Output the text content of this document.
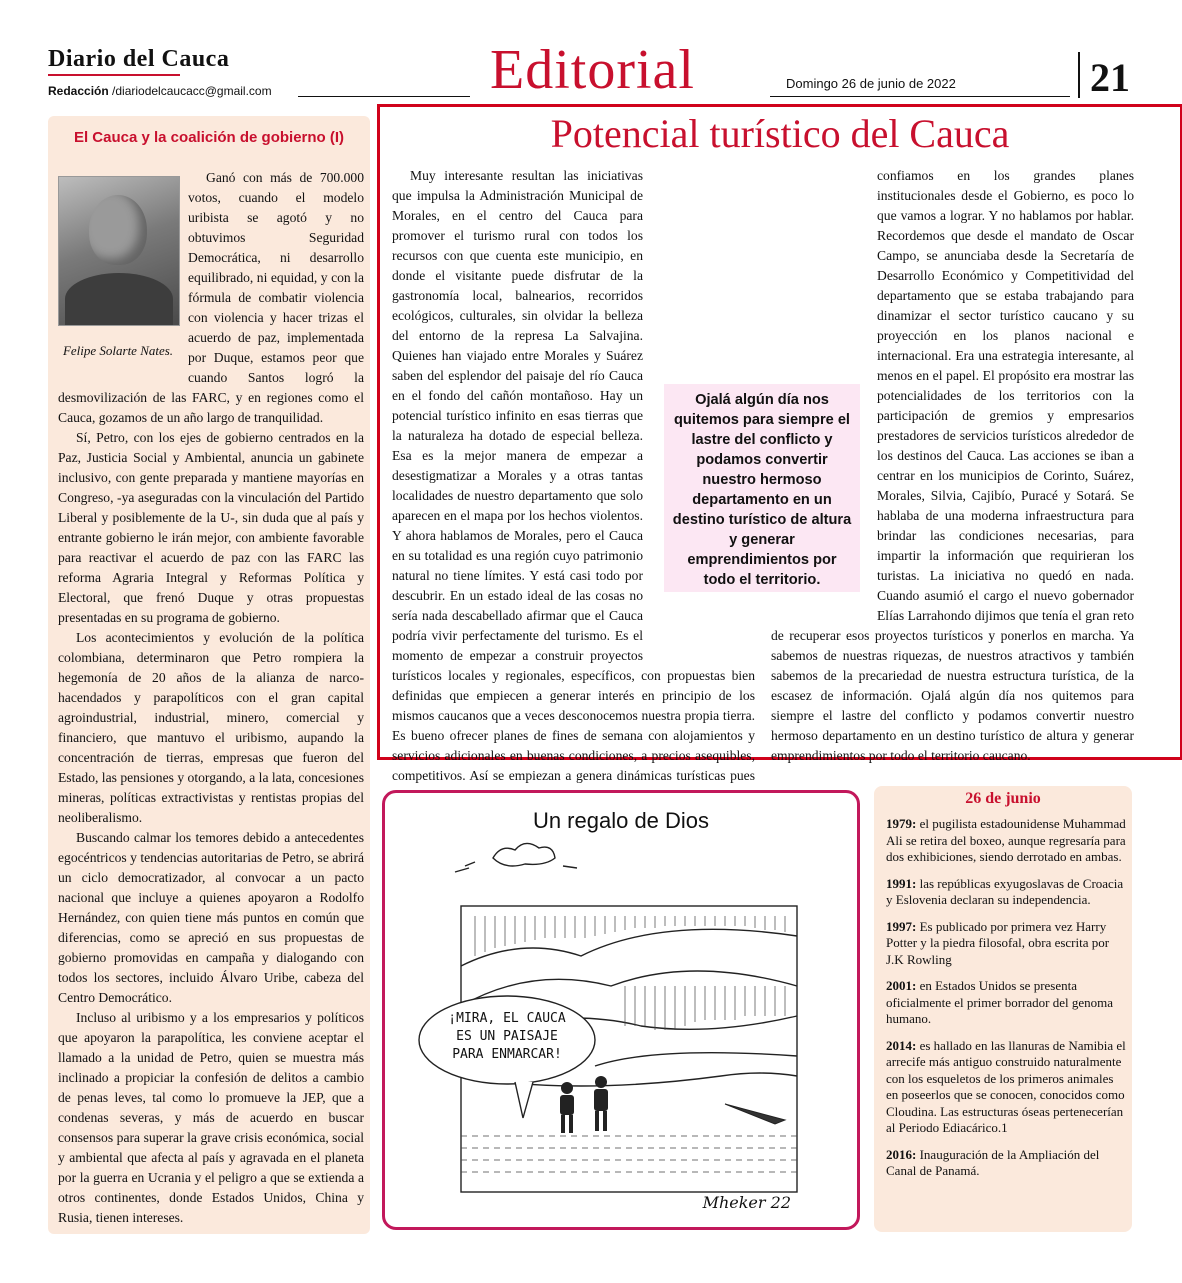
Diario del Cauca
Redacción /diariodelcaucacc@gmail.com	Editorial	Domingo 26 de junio de 2022	21
El Cauca y la coalición de gobierno (I)
Felipe Solarte Nates.

Ganó con más de 700.000 votos, cuando el modelo uribista se agotó y no obtuvimos Seguridad Democrática, ni desarrollo equilibrado, ni equidad, y con la fórmula de combatir violencia con violencia y hacer trizas el acuerdo de paz, implementada por Duque, estamos peor que cuando Santos logró la desmovilización de las FARC, y en regiones como el Cauca, gozamos de un año largo de tranquilidad.

Sí, Petro, con los ejes de gobierno centrados en la Paz, Justicia Social y Ambiental, anuncia un gabinete inclusivo, con gente preparada y mantiene mayorías en Congreso, -ya aseguradas con la vinculación del Partido Liberal y posiblemente de la U-, sin duda que al país y entrante gobierno le irán mejor, con ambiente favorable para reactivar el acuerdo de paz con las FARC las reforma Agraria Integral y Reformas Política y Electoral, que frenó Duque y otras propuestas presentadas en su programa de gobierno.

Los acontecimientos y evolución de la política colombiana, determinaron que Petro rompiera la hegemonía de 20 años de la alianza de narco-hacendados y parapolíticos con el gran capital agroindustrial, industrial, minero, comercial y financiero, que mantuvo el uribismo, aupando la concentración de tierras, empresas que fueron del Estado, las pensiones y otorgando, a la lata, concesiones mineras, políticas extractivistas y rentistas propias del neoliberalismo.

Buscando calmar los temores debido a antecedentes egocéntricos y tendencias autoritarias de Petro, se abrirá un ciclo democratizador, al convocar a un pacto nacional que incluye a quienes apoyaron a Rodolfo Hernández, con quien tiene más puntos en común que diferencias, como se apreció en sus propuestas de gobierno promovidas en campaña y dialogando con todos los sectores, incluido Álvaro Uribe, cabeza del Centro Democrático.

Incluso al uribismo y a los empresarios y políticos que apoyaron la parapolítica, les conviene aceptar el llamado a la unidad de Petro, quien se muestra más inclinado a propiciar la confesión de delitos a cambio de penas leves, tal como lo promueve la JEP, que a condenas severas, y más de acuerdo en buscar consensos para superar la grave crisis económica, social y ambiental que afecta al país y agravada en el planeta por la guerra en Ucrania y el peligro a que se extienda a otros continentes, donde Estados Unidos, China y Rusia, tienen intereses.

Potencial turístico del Cauca

Muy interesante resultan las iniciativas que impulsa la Administración Municipal de Morales, en el centro del Cauca para promover el turismo rural con todos los recursos con que cuenta este municipio, en donde el visitante puede disfrutar de la gastronomía local, balnearios, recorridos ecológicos, culturales, sin olvidar la belleza del entorno de la represa La Salvajina. Quienes han viajado entre Morales y Suárez saben del esplendor del paisaje del río Cauca en el fondo del cañón montañoso. Hay un potencial turístico infinito en esas tierras que la naturaleza ha dotado de especial belleza. Esa es la mejor manera de empezar a desestigmatizar a Morales y a otras tantas localidades de nuestro departamento que solo aparecen en el mapa por los hechos violentos. Y ahora hablamos de Morales, pero el Cauca en su totalidad es una región cuyo patrimonio natural no tiene límites. Y está casi todo por descubrir. En un estado ideal de las cosas no sería nada descabellado afirmar que el Cauca podría vivir perfectamente del turismo. Es el momento de empezar a construir proyectos turísticos locales y regionales, específicos, con propuestas bien definidas que empiecen a generar interés en principio de los mismos caucanos que a veces desconocemos nuestra propia tierra. Es bueno ofrecer planes de fines de semana con alojamientos y servicios adicionales en buenas condiciones, a precios asequibles, competitivos. Así se empiezan a genera dinámicas turísticas pues

confiamos en los grandes planes institucionales desde el Gobierno, es poco lo que vamos a lograr. Y no hablamos por hablar. Recordemos que desde el mandato de Oscar Campo, se anunciaba desde la Secretaría de Desarrollo Económico y Competitividad del departamento que se estaba trabajando para dinamizar el sector turístico caucano y su proyección en los planos nacional e internacional. Era una estrategia interesante, al menos en el papel. El propósito era mostrar las potencialidades de los territorios con la participación de gremios y empresarios prestadores de servicios turísticos alrededor de los destinos del Cauca. Las acciones se iban a centrar en los municipios de Corinto, Suárez, Morales, Silvia, Cajibío, Puracé y Sotará. Se hablaba de una moderna infraestructura para brindar las condiciones necesarias, para impartir la información que requirieran los turistas. La iniciativa no quedó en nada. Cuando asumió el cargo el nuevo gobernador Elías Larrahondo dijimos que tenía el gran reto de recuperar esos proyectos turísticos y ponerlos en marcha. Ya sabemos de nuestras riquezas, de nuestros atractivos y también sabemos de la precariedad de nuestra estructura turística, de la escasez de información. Ojalá algún día nos quitemos para siempre el lastre del conflicto y podamos convertir nuestro hermoso departamento en un destino turístico de altura y generar emprendimientos por todo el territorio caucano.

Ojalá algún día nos quitemos para siempre el lastre del conflicto y podamos convertir nuestro hermoso departamento en un destino turístico de altura y generar emprendimientos por todo el territorio.
Un regalo de Dios
¡MIRA, EL CAUCA
ES UN PAISAJE
PARA ENMARCAR!
Mheker 22
26 de junio
1979: el pugilista estadounidense Muhammad Ali se retira del boxeo, aunque regresaría para dos exhibiciones, siendo derrotado en ambas.
1991: las repúblicas exyugoslavas de Croacia y Eslovenia declaran su independencia.
1997: Es publicado por primera vez Harry Potter y la piedra filosofal, obra escrita por J.K Rowling
2001: en Estados Unidos se presenta oficialmente el primer borrador del genoma humano.
2014: es hallado en las llanuras de Namibia el arrecife más antiguo construido naturalmente con los esqueletos de los primeros animales en poseerlos que se conocen, conocidos como Cloudina. Las estructuras óseas pertenecerían al Periodo Ediacárico.1
2016: Inauguración de la Ampliación del Canal de Panamá.
